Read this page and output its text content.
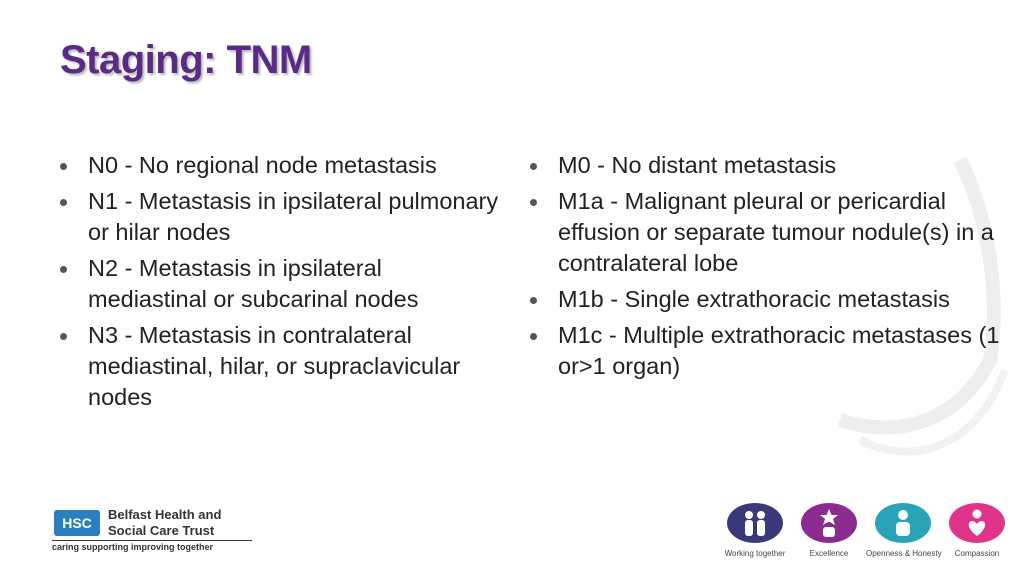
Staging: TNM
N0 - No regional node metastasis
N1 - Metastasis in ipsilateral pulmonary or hilar nodes
N2 - Metastasis in ipsilateral mediastinal or subcarinal nodes
N3 - Metastasis in contralateral mediastinal, hilar, or supraclavicular nodes
M0 - No distant metastasis
M1a - Malignant pleural or pericardial effusion or separate tumour nodule(s) in a contralateral lobe
M1b - Single extrathoracic metastasis
M1c - Multiple extrathoracic metastases (1 or>1 organ)
HSC
Belfast Health and Social Care Trust
caring supporting improving together
Working together	Excellence	Openness & Honesty	Compassion
